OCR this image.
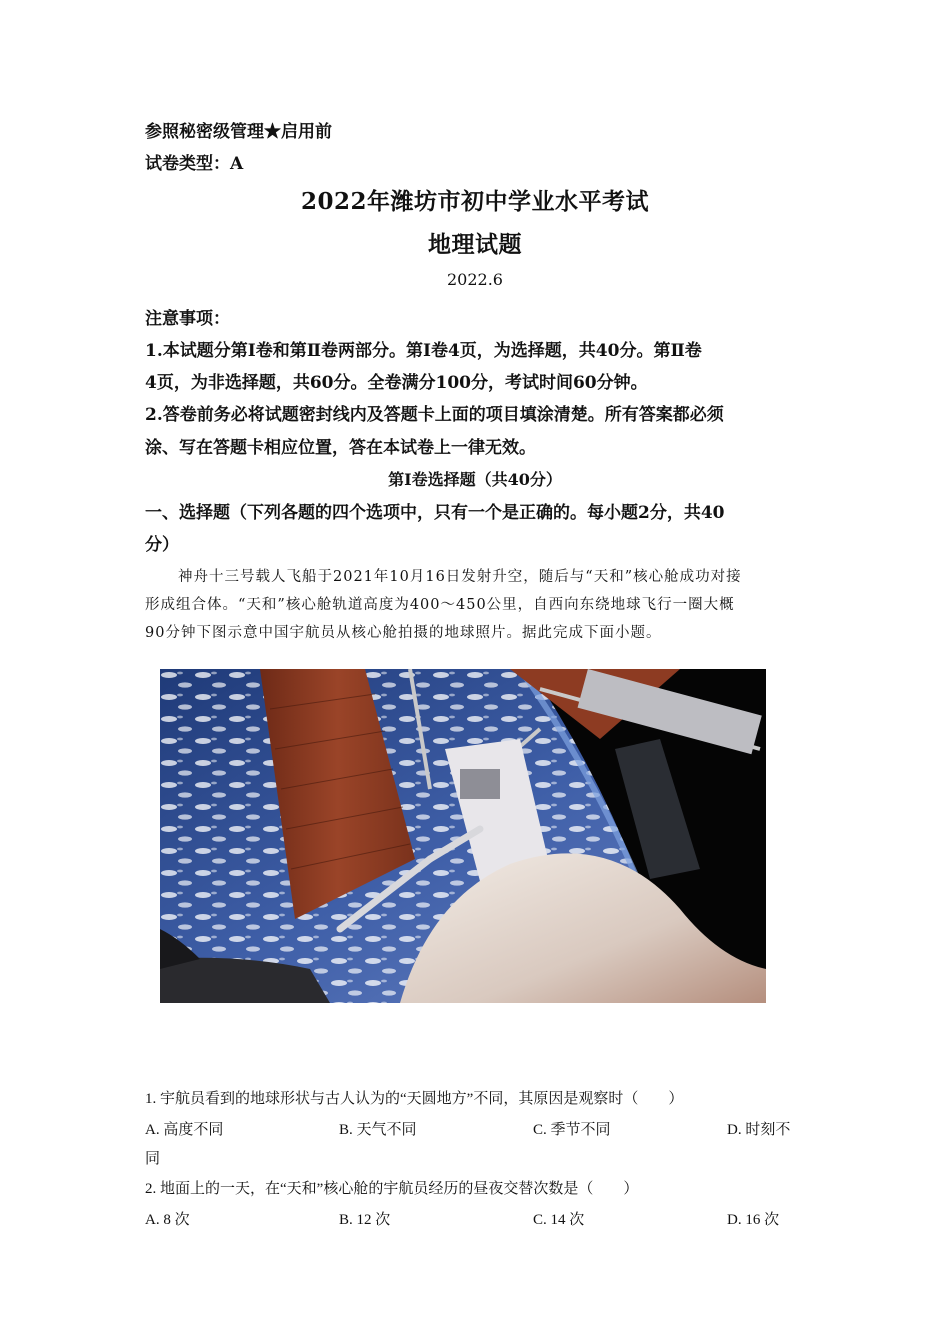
参照秘密级管理★启用前
试卷类型：A
2022年潍坊市初中学业水平考试
地理试题
2022.6
注意事项：
1.本试题分第Ⅰ卷和第Ⅱ卷两部分。第Ⅰ卷4页，为选择题，共40分。第Ⅱ卷
4页，为非选择题，共60分。全卷满分100分，考试时间60分钟。
2.答卷前务必将试题密封线内及答题卡上面的项目填涂清楚。所有答案都必须
涂、写在答题卡相应位置，答在本试卷上一律无效。
第Ⅰ卷选择题（共40分）
一、选择题（下列各题的四个选项中，只有一个是正确的。每小题2分，共40
分）
神舟十三号载人飞船于2021年10月16日发射升空，随后与“天和”核心舱成功对接
形成组合体。“天和”核心舱轨道高度为400～450公里，自西向东绕地球飞行一圈大概
90分钟下图示意中国宇航员从核心舱拍摄的地球照片。据此完成下面小题。
1. 宇航员看到的地球形状与古人认为的“天圆地方”不同，其原因是观察时（　　）
A. 高度不同	B. 天气不同	C. 季节不同	D. 时刻不
同
2. 地面上的一天，在“天和”核心舱的宇航员经历的昼夜交替次数是（　　）
A. 8 次	B. 12 次	C. 14 次	D. 16 次
